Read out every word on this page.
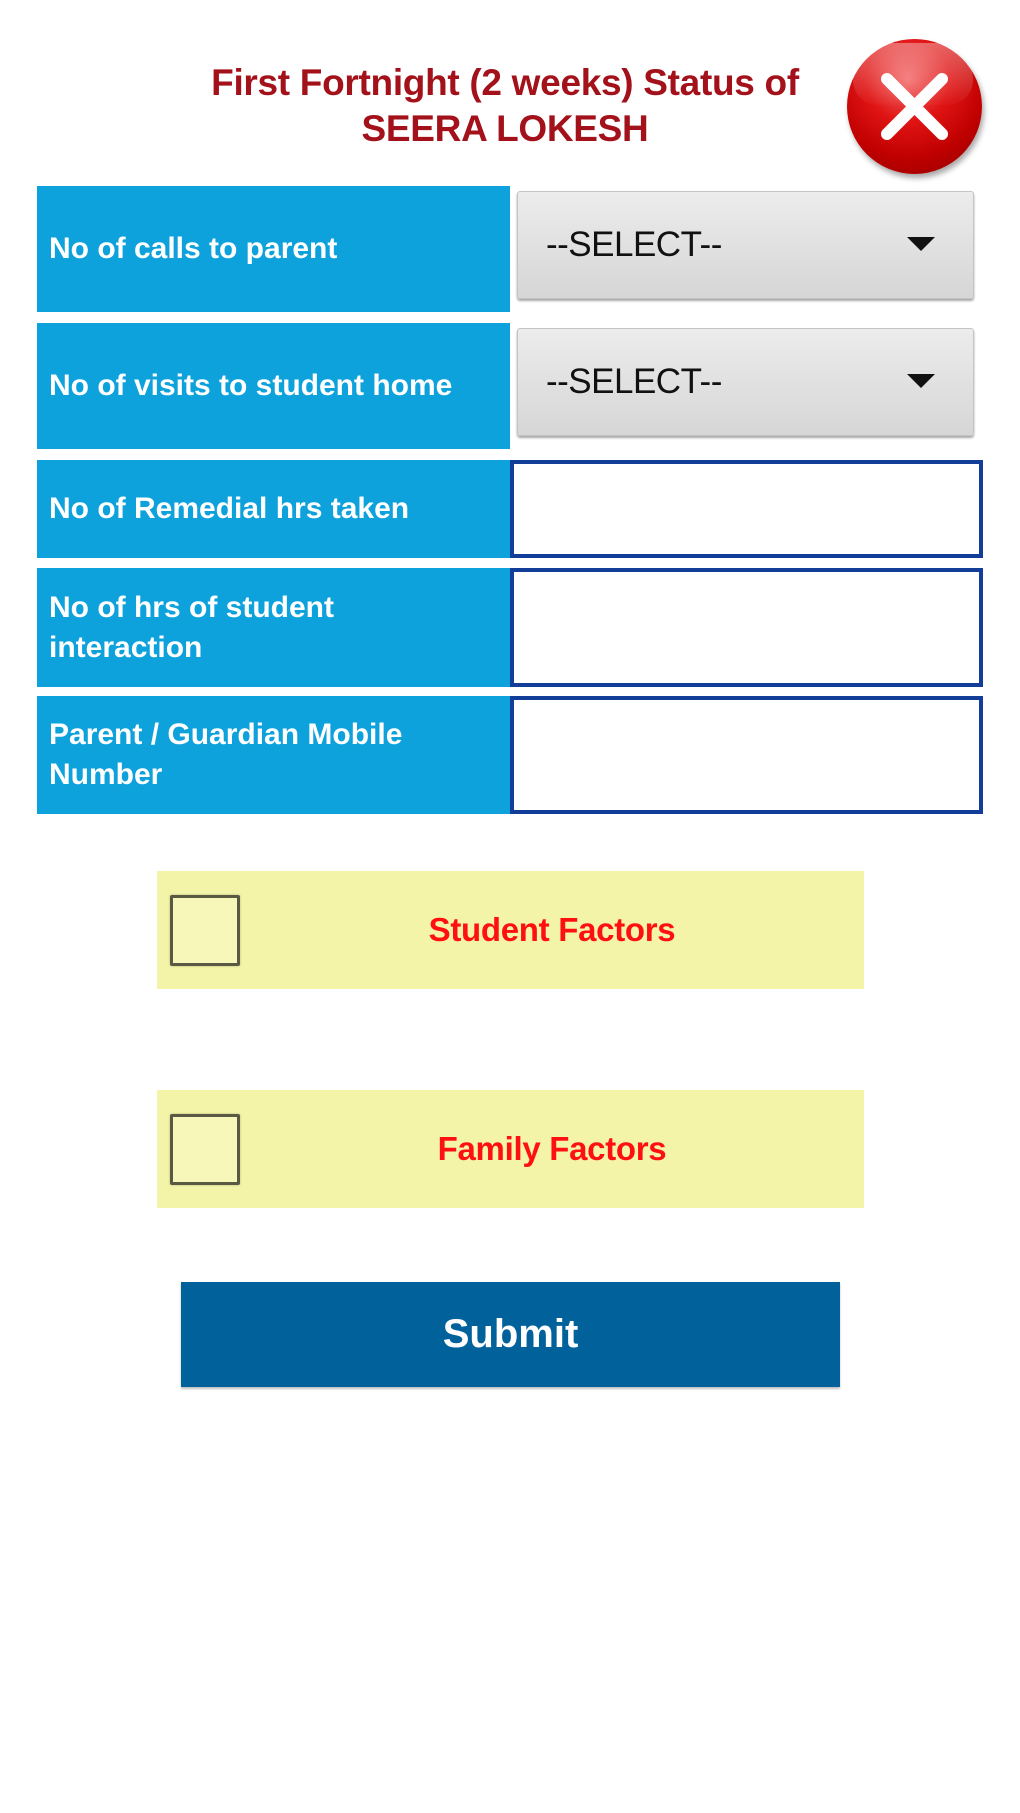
First Fortnight (2 weeks) Status of
SEERA LOKESH
No of calls to parent	--SELECT--
No of visits to student home	--SELECT--
No of Remedial hrs taken
No of hrs of student interaction
Parent / Guardian Mobile Number
Student Factors
Family Factors
Submit
